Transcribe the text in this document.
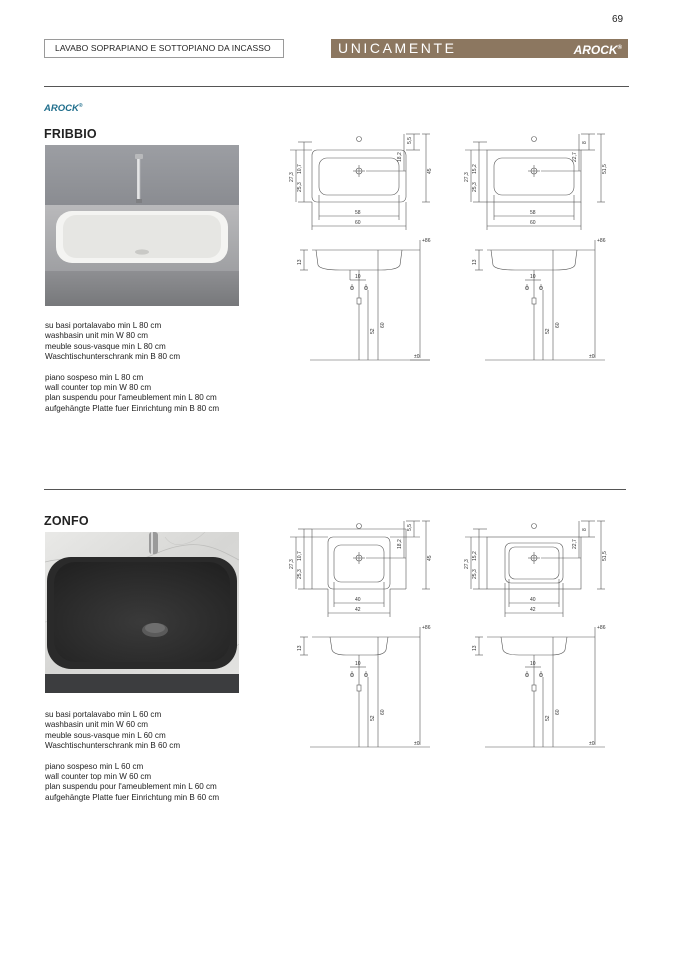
69
LAVABO SOPRAPIANO E SOTTOPIANO DA INCASSO	UNICAMENTE	AROCK®
AROCK®
FRIBBIO
su basi portalavabo min L 80 cm
washbasin unit min W 80 cm
meuble sous-vasque min L 80 cm
Waschtischunterschrank min B 80 cm
piano sospeso min L 80 cm
wall counter top min W 80 cm
plan suspendu pour l'ameublement min L 80 cm
aufgehängte Platte fuer Einrichtung min B 80 cm
10,7
27,3
25,3
5,5
18,2
45
58
60
13
10
52
60
+86
±0
15,2
27,3
25,3
8
22,7
51,5
58
60
13
10
52
60
+86
±0
ZONFO
su basi portalavabo min L 60 cm
washbasin unit min W 60 cm
meuble sous-vasque min L 60 cm
Waschtischunterschrank min B 60 cm
piano sospeso min L 60 cm
wall counter top min W 60 cm
plan suspendu pour l'ameublement min L 60 cm
aufgehängte Platte fuer Einrichtung min B 60 cm
10,7
27,3
25,3
5,5
18,2
45
40
42
13
10
52
60
+86
±0
15,2
27,3
25,3
8
22,7
51,5
40
42
13
10
52
60
+86
±0
